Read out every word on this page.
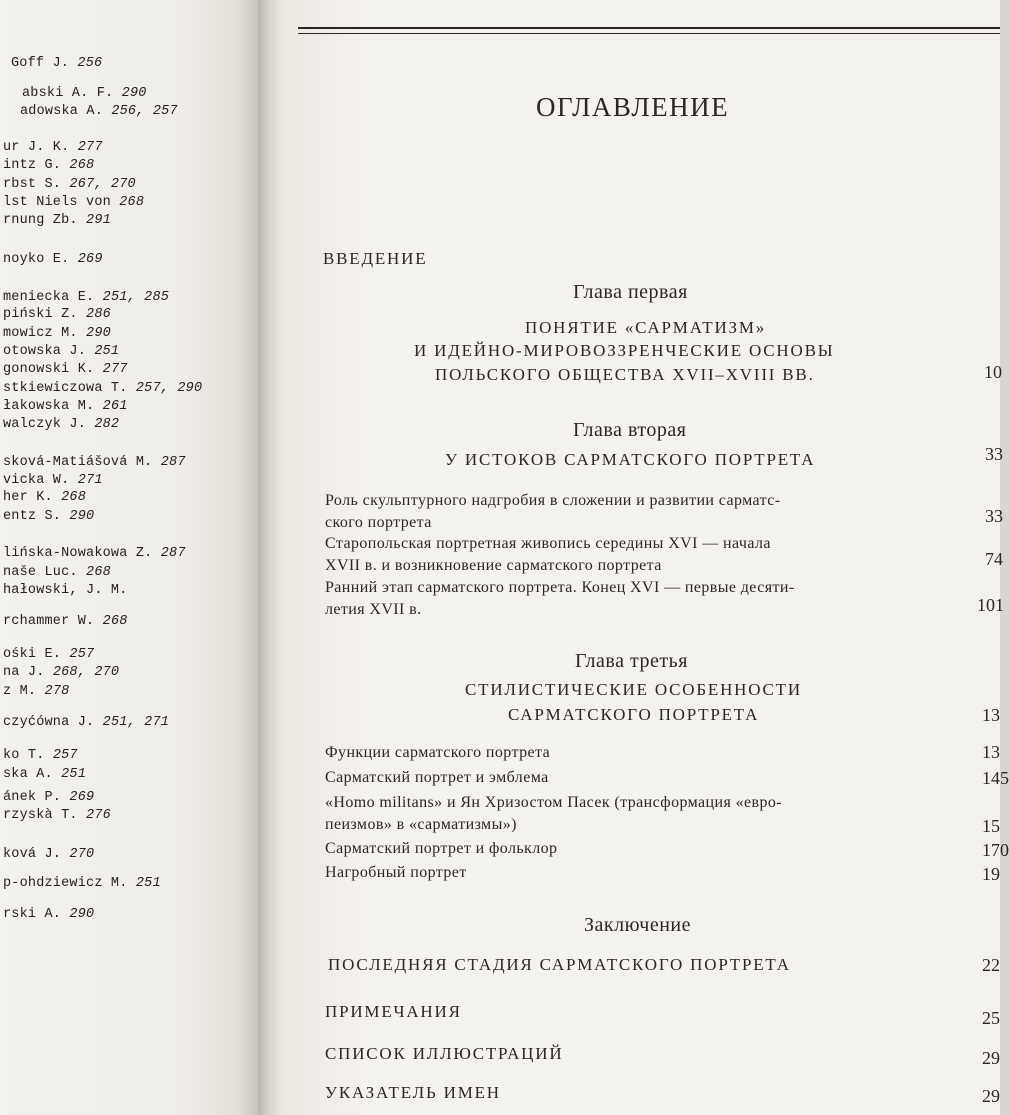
Goff J. 256
abski A. F. 290
adowska A. 256, 257
ur J. K. 277
intz G. 268
rbst S. 267, 270
lst Niels von 268
rnung Zb. 291
noyko E. 269
meniecka E. 251, 285
piński Z. 286
mowicz M. 290
otowska J. 251
gonowski K. 277
stkiewiczowa T. 257, 290
łakowska M. 261
walczyk J. 282
sková-Matiášová M. 287
vicka W. 271
her K. 268
entz S. 290
lińska-Nowakowa Z. 287
naše Luc. 268
hałowski, J. M.
rchammer W. 268
ośki E. 257
na J. 268, 270
z M. 278
czyćówna J. 251, 271
ko T. 257
ska A. 251
ánek P. 269
rzyskà T. 276
ková J. 270
p-ohdziewicz M. 251
rski A. 290
ОГЛАВЛЕНИЕ
ВВЕДЕНИЕ
Глава первая
ПОНЯТИЕ «САРМАТИЗМ»
И ИДЕЙНО-МИРОВОЗЗРЕНЧЕСКИЕ ОСНОВЫ
ПОЛЬСКОГО ОБЩЕСТВА XVII–XVIII ВВ.	10
Глава вторая
У ИСТОКОВ САРМАТСКОГО ПОРТРЕТА	33
Роль скульптурного надгробия в сложении и развитии сарматс-
ского портрета	33
Старопольская портретная живопись середины XVI — начала
XVII в. и возникновение сарматского портрета	74
Ранний этап сарматского портрета. Конец XVI — первые десяти-
летия XVII в.	101
Глава третья
СТИЛИСТИЧЕСКИЕ ОСОБЕННОСТИ
САРМАТСКОГО ПОРТРЕТА	13
Функции сарматского портрета	13
Сарматский портрет и эмблема	145
«Homo militans» и Ян Хризостом Пасек (трансформация «евро-
пеизмов» в «сарматизмы»)	15
Сарматский портрет и фольклор	170
Нагробный портрет	19
Заключение
ПОСЛЕДНЯЯ СТАДИЯ САРМАТСКОГО ПОРТРЕТА	22
ПРИМЕЧАНИЯ	25
СПИСОК ИЛЛЮСТРАЦИЙ	29
УКАЗАТЕЛЬ ИМЕН	29
